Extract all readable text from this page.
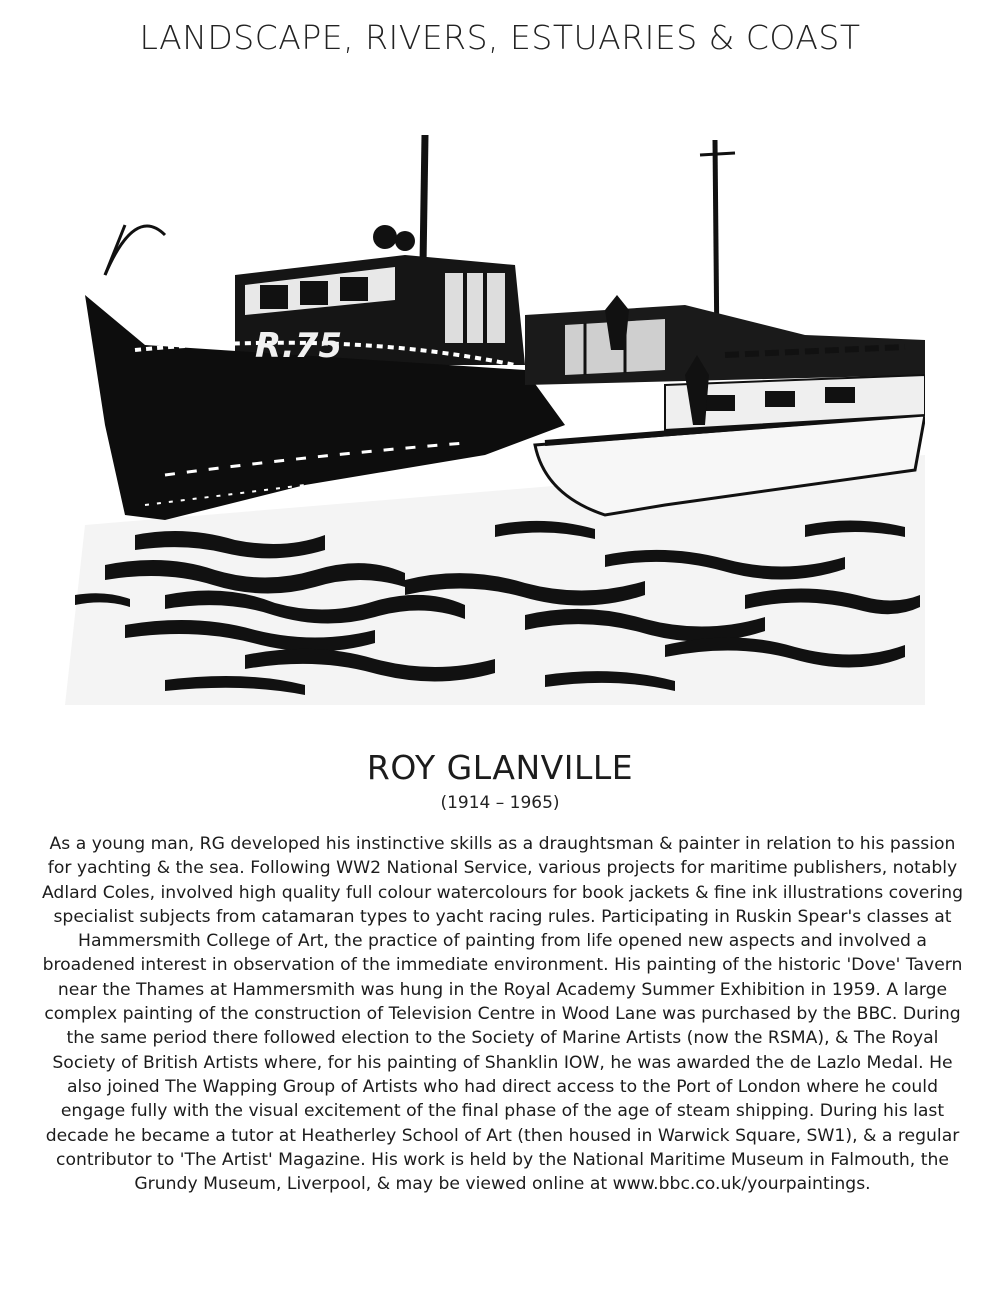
LANDSCAPE, RIVERS, ESTUARIES & COAST
R.75
ROY GLANVILLE
(1914 – 1965)
As a young man, RG developed his instinctive skills as a draughtsman & painter in relation to his passion for yachting & the sea. Following WW2 National Service, various projects for maritime publishers, notably Adlard Coles, involved high quality full colour watercolours for book jackets & fine ink illustrations covering specialist subjects from catamaran types to yacht racing rules. Participating in Ruskin Spear's classes at Hammersmith College of Art, the practice of painting from life opened new aspects and involved a broadened interest in observation of the immediate environment. His painting of the historic 'Dove' Tavern near the Thames at Hammersmith was hung in the Royal Academy Summer Exhibition in 1959. A large complex painting of the construction of Television Centre in Wood Lane was purchased by the BBC. During the same period there followed election to the Society of Marine Artists (now the RSMA), & The Royal Society of British Artists where, for his painting of Shanklin IOW, he was awarded the de Lazlo Medal. He also joined The Wapping Group of Artists who had direct access to the Port of London where he could engage fully with the visual excitement of the final phase of the age of steam shipping. During his last decade he became a tutor at Heatherley School of Art (then housed in Warwick Square, SW1), & a regular contributor to 'The Artist' Magazine. His work is held by the National Maritime Museum in Falmouth, the Grundy Museum, Liverpool, & may be viewed online at www.bbc.co.uk/yourpaintings.
